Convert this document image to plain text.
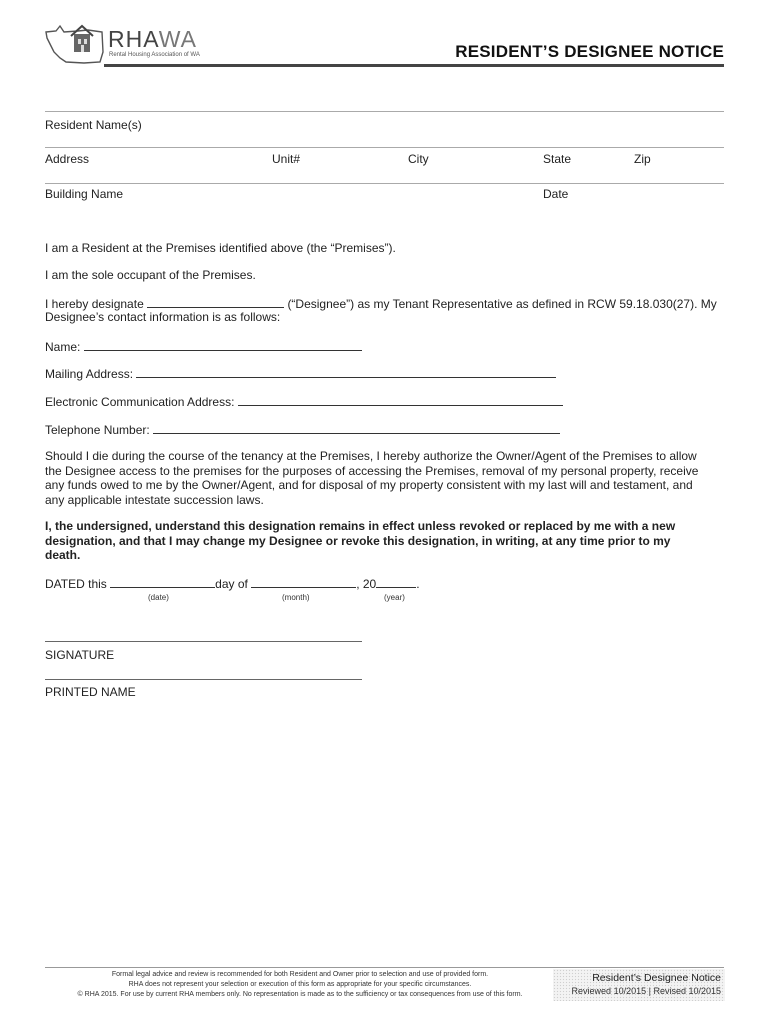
RHAWA
Rental Housing Association of WA	RESIDENT’S DESIGNEE NOTICE
Resident Name(s)
Address	Unit#	City	State	Zip
Building Name	Date
I am a Resident at the Premises identified above (the “Premises”).
I am the sole occupant of the Premises.
I hereby designate	(“Designee”) as my Tenant Representative as defined in RCW 59.18.030(27). My
Designee’s contact information is as follows:
Name:
Mailing Address:
Electronic Communication Address:
Telephone Number:
Should I die during the course of the tenancy at the Premises, I hereby authorize the Owner/Agent of the Premises to allow the Designee access to the premises for the purposes of accessing the Premises, removal of my personal property, receive any funds owed to me by the Owner/Agent, and for disposal of my property consistent with my last will and testament, and any applicable intestate succession laws.
I, the undersigned, understand this designation remains in effect unless revoked or replaced by me with a new designation, and that I may change my Designee or revoke this designation, in writing, at any time prior to my death.
DATED this	day of	, 20	.
(date)	(month)	(year)
SIGNATURE
PRINTED NAME
Formal legal advice and review is recommended for both Resident and Owner prior to selection and use of provided form.
RHA does not represent your selection or execution of this form as appropriate for your specific circumstances.
© RHA 2015. For use by current RHA members only. No representation is made as to the sufficiency or tax consequences from use of this form.
Resident’s Designee Notice
Reviewed 10/2015 | Revised 10/2015
